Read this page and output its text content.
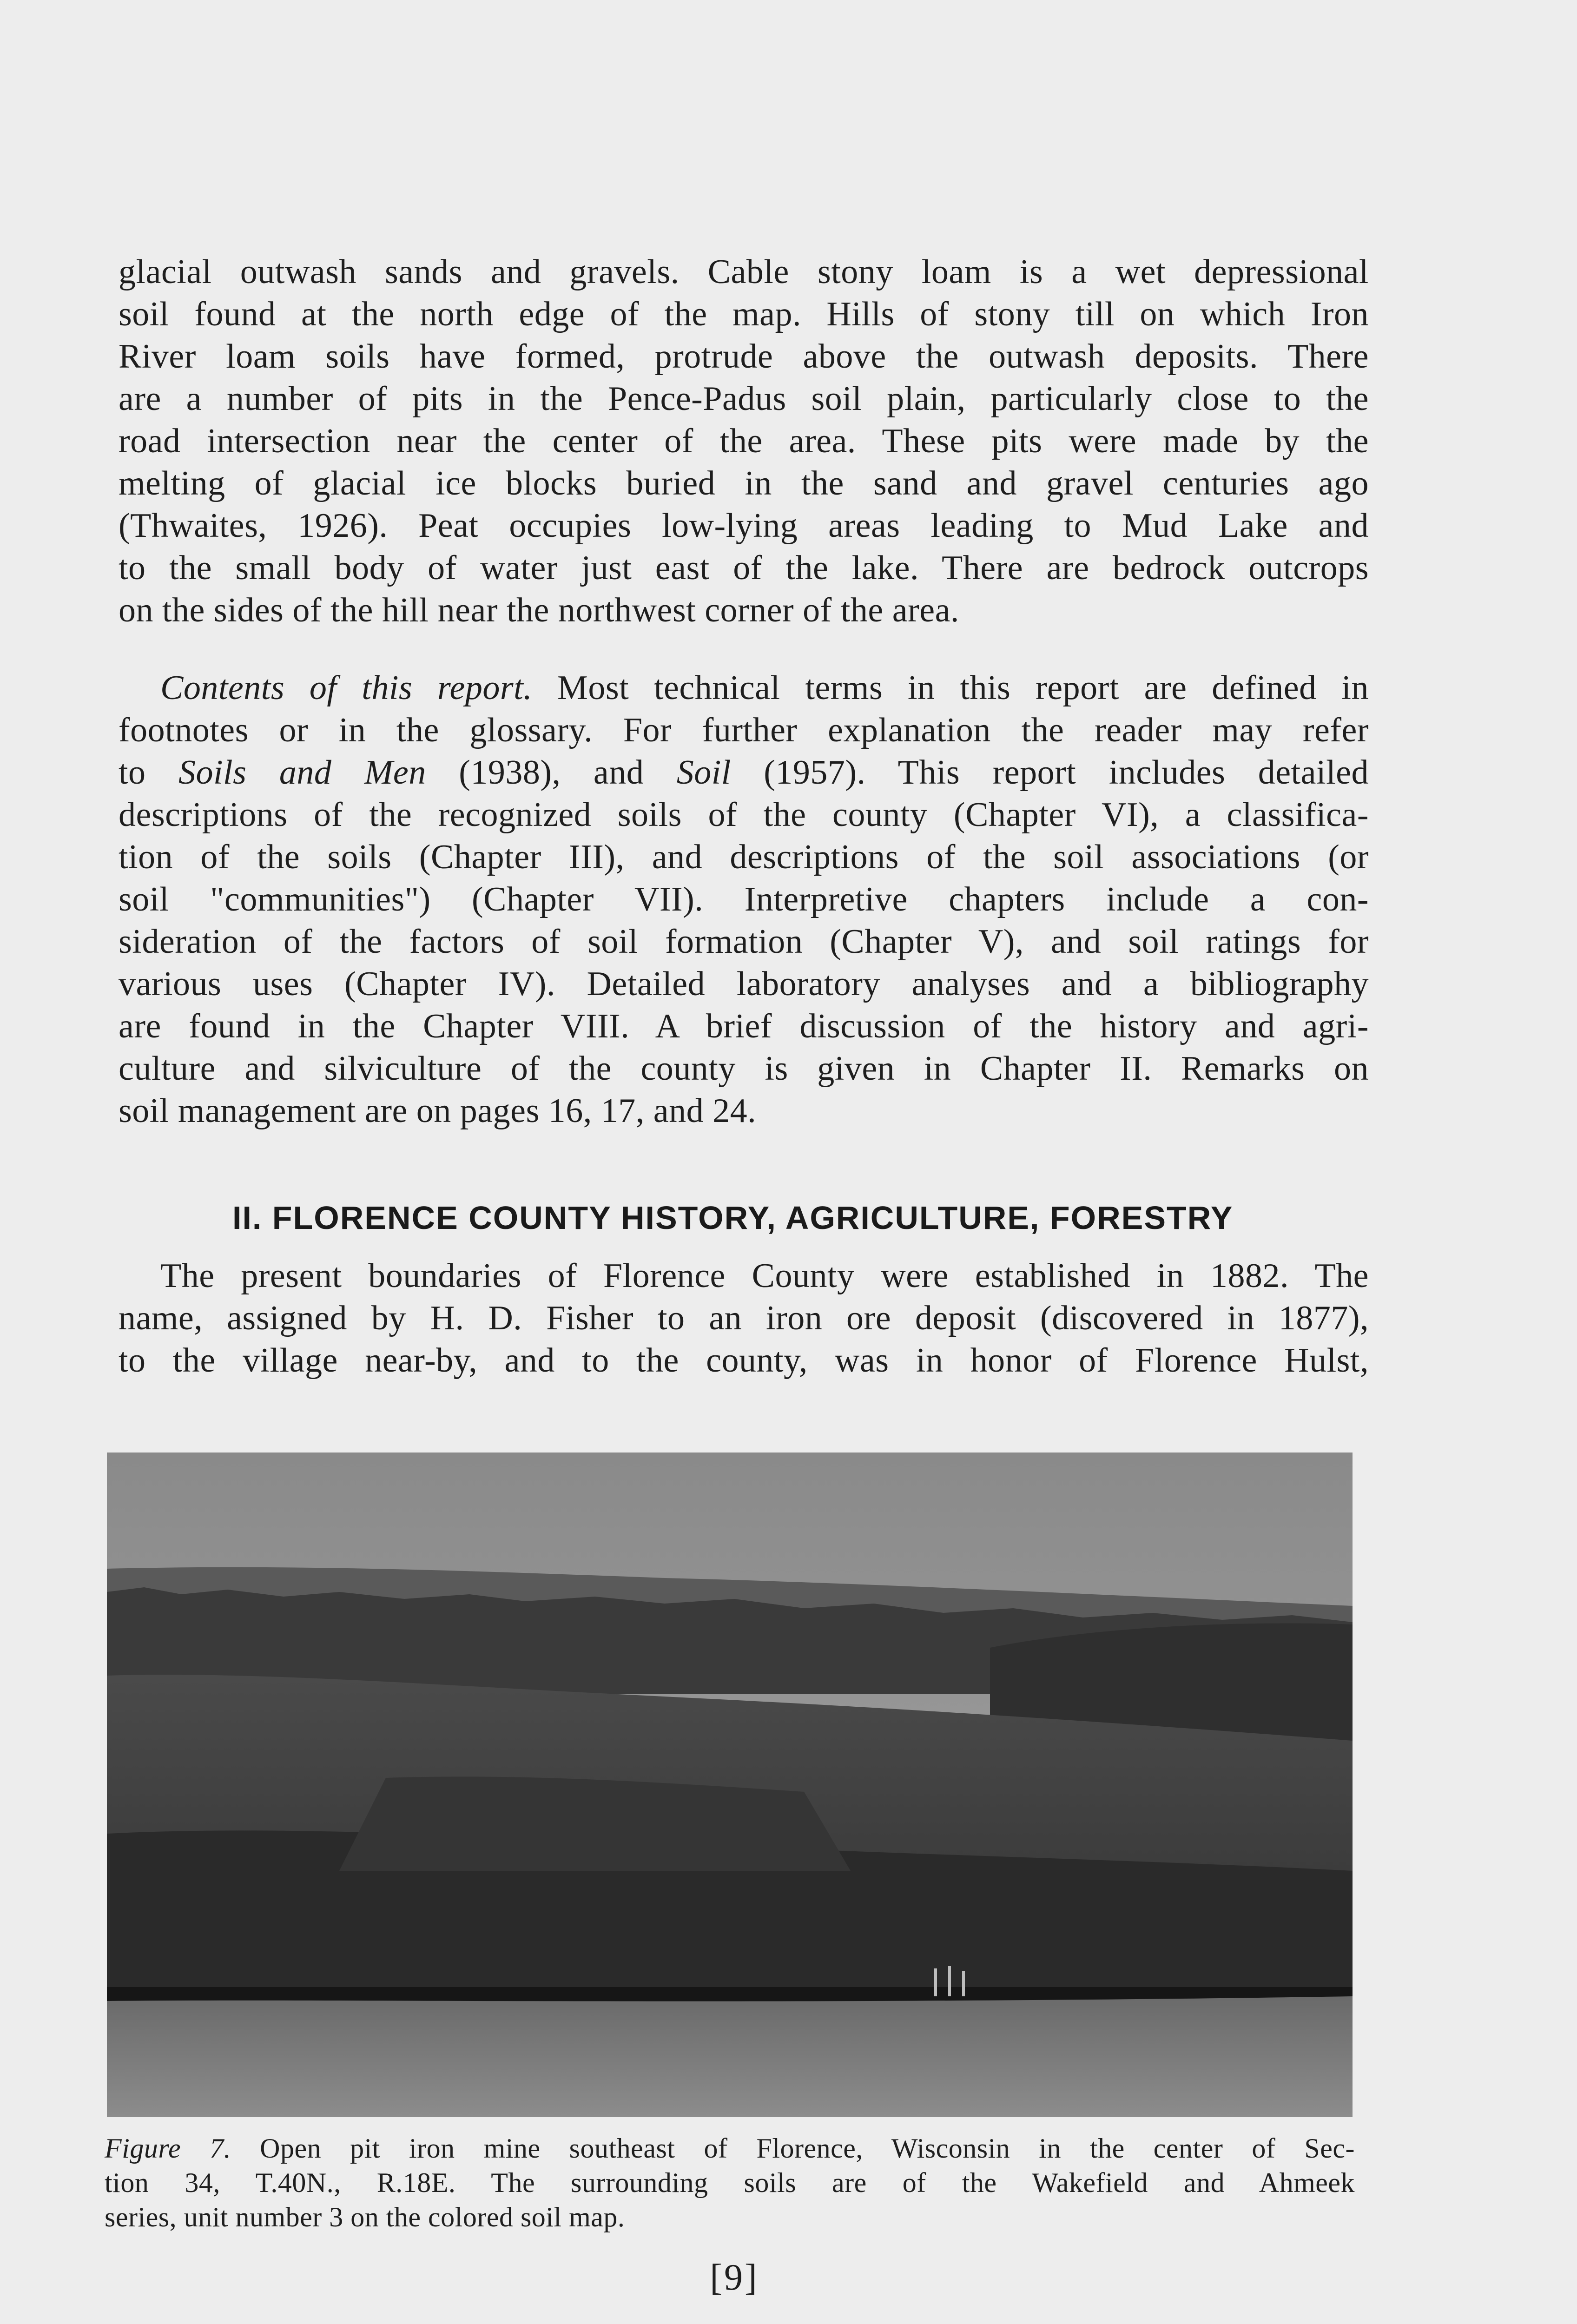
glacial outwash sands and gravels. Cable stony loam is a wet depressional
soil found at the north edge of the map. Hills of stony till on which Iron
River loam soils have formed, protrude above the outwash deposits. There
are a number of pits in the Pence-Padus soil plain, particularly close to the
road intersection near the center of the area. These pits were made by the
melting of glacial ice blocks buried in the sand and gravel centuries ago
(Thwaites, 1926). Peat occupies low-lying areas leading to Mud Lake and
to the small body of water just east of the lake. There are bedrock outcrops
on the sides of the hill near the northwest corner of the area.

Contents of this report. Most technical terms in this report are defined in
footnotes or in the glossary. For further explanation the reader may refer
to Soils and Men (1938), and Soil (1957). This report includes detailed
descriptions of the recognized soils of the county (Chapter VI), a classifica-
tion of the soils (Chapter III), and descriptions of the soil associations (or
soil "communities") (Chapter VII). Interpretive chapters include a con-
sideration of the factors of soil formation (Chapter V), and soil ratings for
various uses (Chapter IV). Detailed laboratory analyses and a bibliography
are found in the Chapter VIII. A brief discussion of the history and agri-
culture and silviculture of the county is given in Chapter II. Remarks on
soil management are on pages 16, 17, and 24.

II. FLORENCE COUNTY HISTORY, AGRICULTURE, FORESTRY

The present boundaries of Florence County were established in 1882. The
name, assigned by H. D. Fisher to an iron ore deposit (discovered in 1877),
to the village near-by, and to the county, was in honor of Florence Hulst,

Figure 7. Open pit iron mine southeast of Florence, Wisconsin in the center of Sec-
tion 34, T.40N., R.18E. The surrounding soils are of the Wakefield and Ahmeek
series, unit number 3 on the colored soil map.
[9]
